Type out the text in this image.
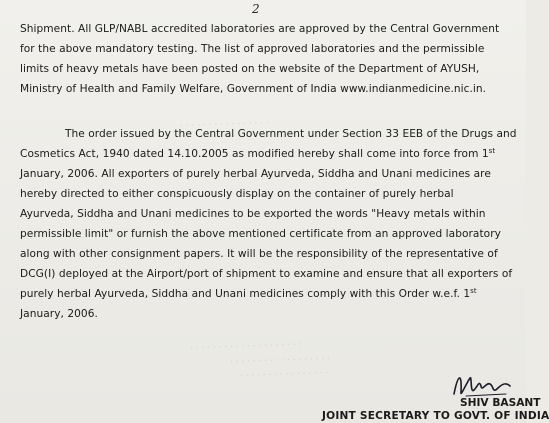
· · · · · · · · · · · · · · · ·
· · · · · · · · · · · · · · · · · · · ·
· · · · · · · · · · · · · · · · · ·
· · · · · · · · · · · · · · · ·
2
Shipment. All GLP/NABL accredited laboratories are approved by the Central Government
for the above mandatory testing. The list of approved laboratories and the permissible
limits of heavy metals have been posted on the website of the Department of AYUSH,
Ministry of Health and Family Welfare, Government of India www.indianmedicine.nic.in.
The order issued by the Central Government under Section 33 EEB of the Drugs and
Cosmetics Act, 1940 dated 14.10.2005 as modified hereby shall come into force from 1st
January, 2006. All exporters of purely herbal Ayurveda, Siddha and Unani medicines are
hereby directed to either conspicuously display on the container of purely herbal
Ayurveda, Siddha and Unani medicines to be exported the words "Heavy metals within
permissible limit" or furnish the above mentioned certificate from an approved laboratory
along with other consignment papers. It will be the responsibility of the representative of
DCG(I) deployed at the Airport/port of shipment to examine and ensure that all exporters of
purely herbal Ayurveda, Siddha and Unani medicines comply with this Order w.e.f. 1st
January, 2006.
SHIV BASANT
JOINT SECRETARY TO GOVT. OF INDIA
